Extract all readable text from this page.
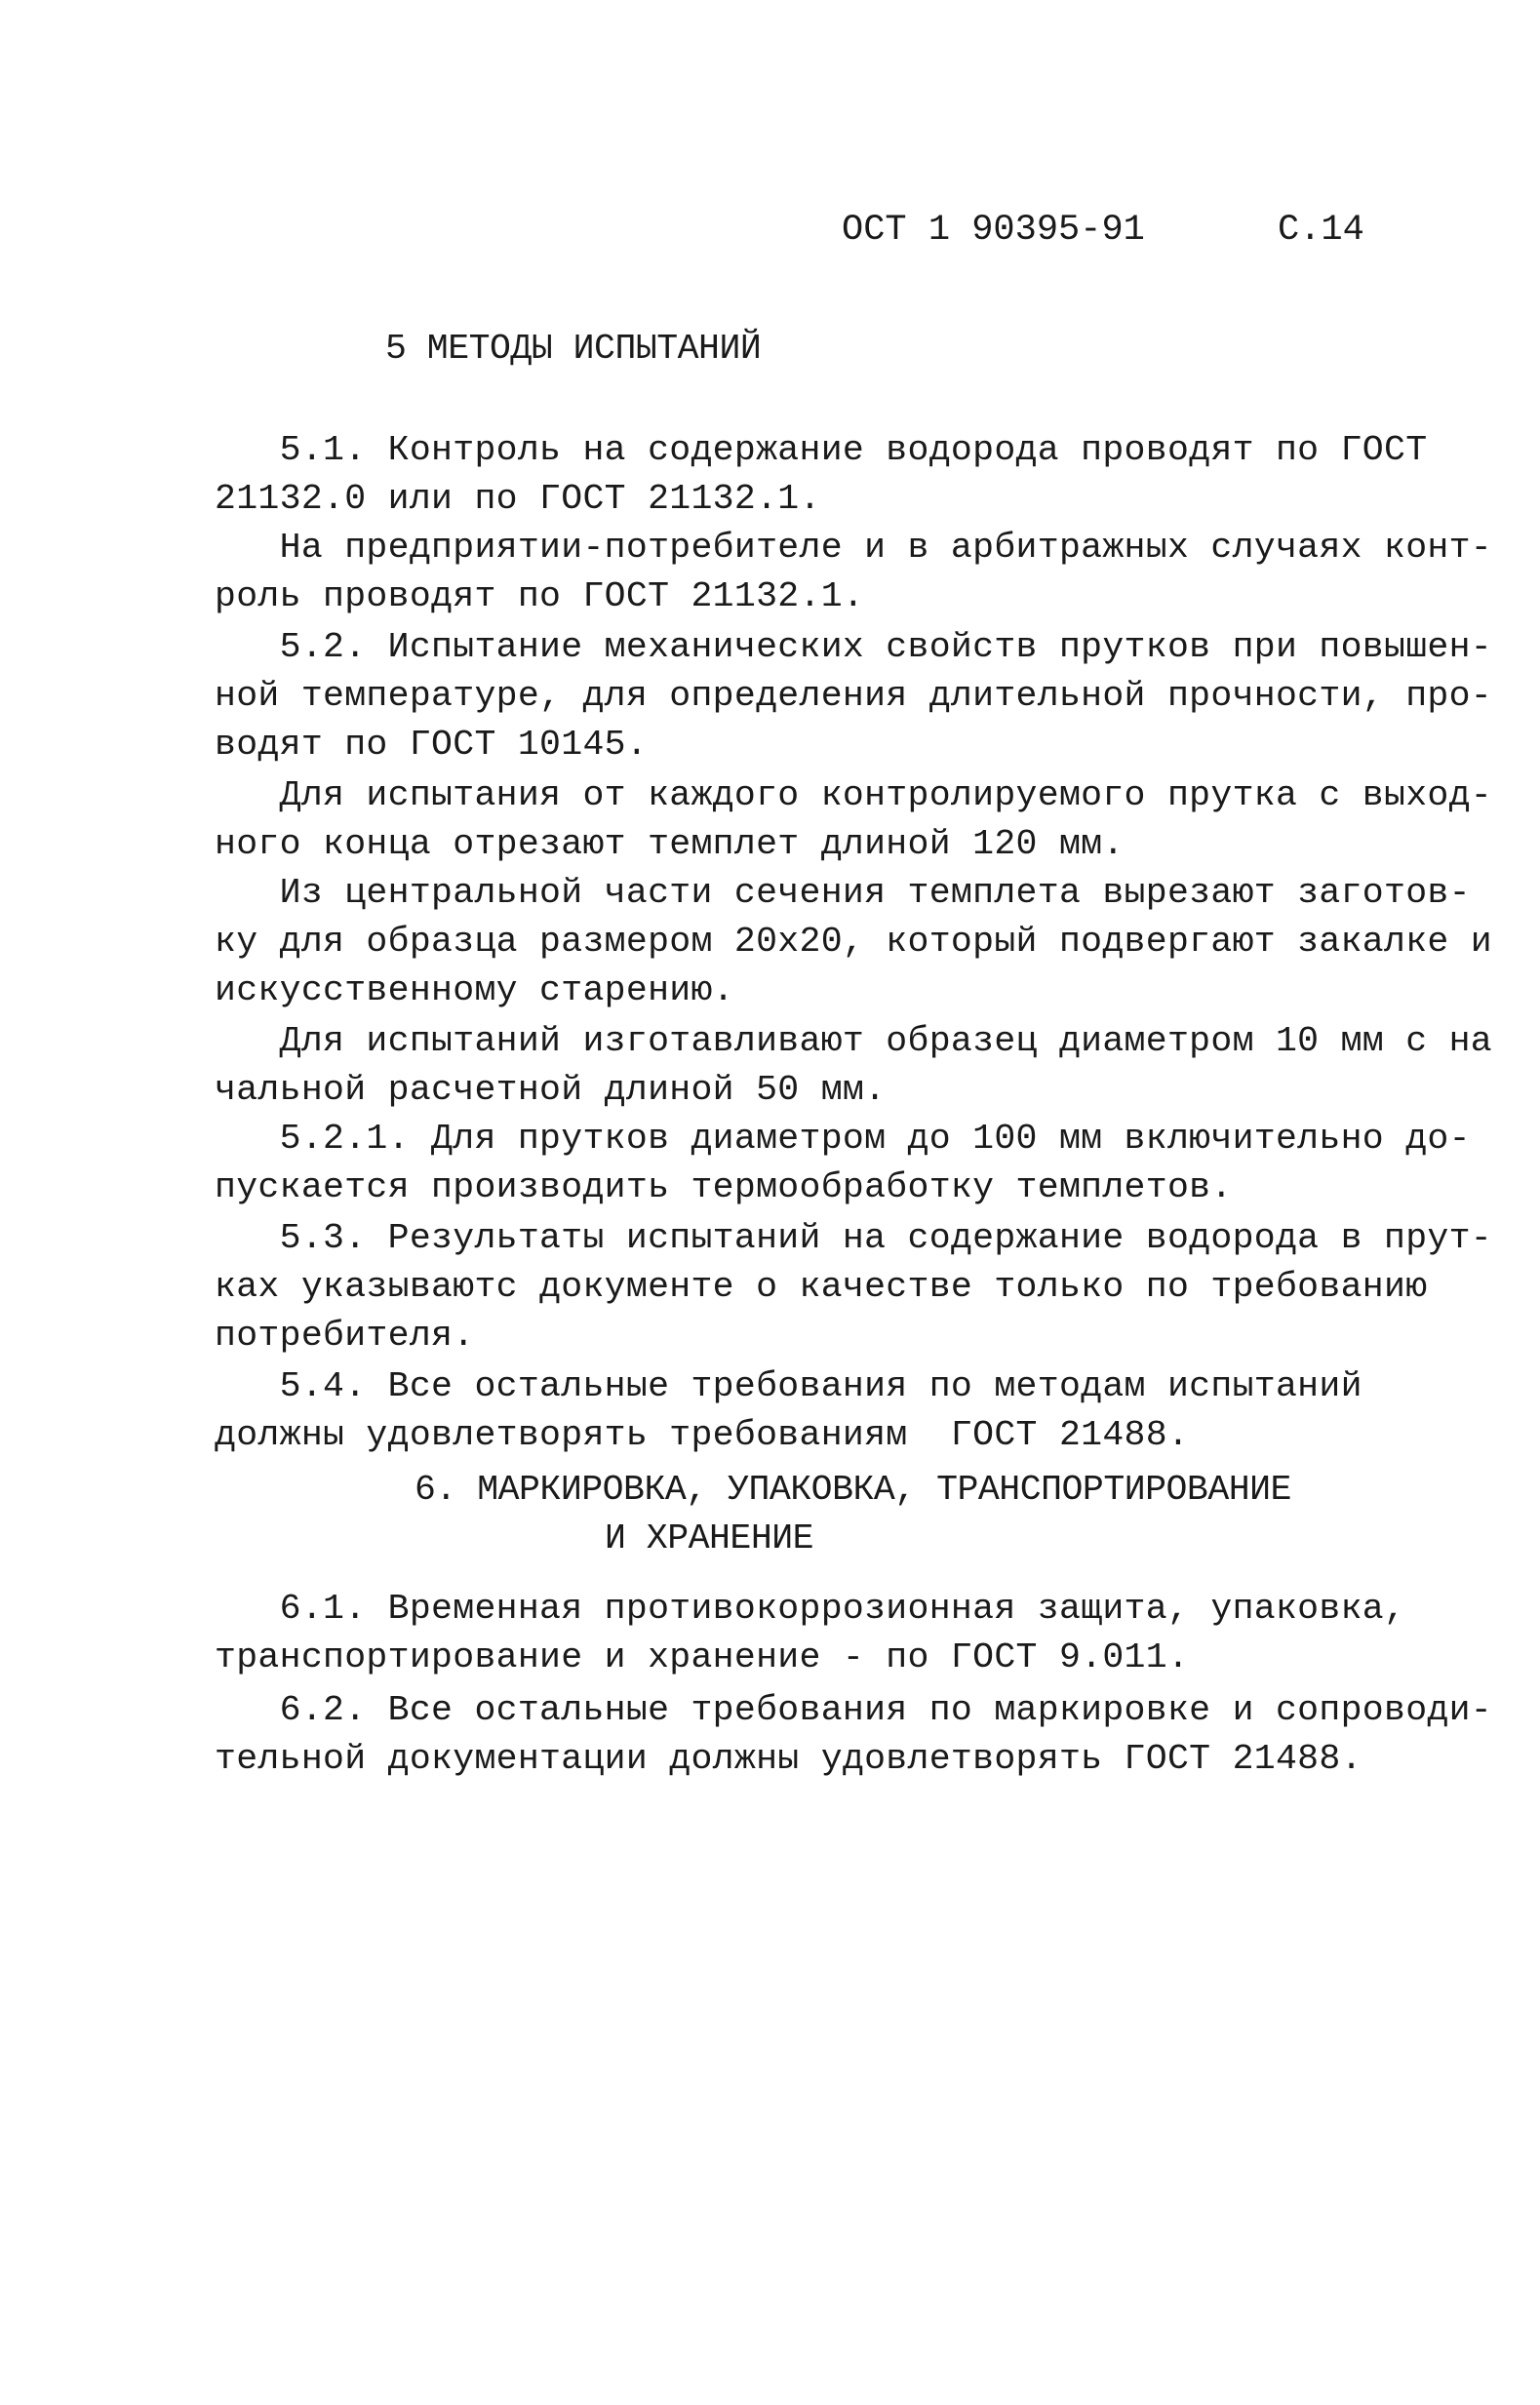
ОСТ 1 90395-91	С.14
5 МЕТОДЫ ИСПЫТАНИЙ
5.1. Контроль на содержание водорода проводят по ГОСТ
21132.0 или по ГОСТ 21132.1.
На предприятии-потребителе и в арбитражных случаях конт-
роль проводят по ГОСТ 21132.1.
5.2. Испытание механических свойств прутков при повышен-
ной температуре, для определения длительной прочности, про-
водят по ГОСТ 10145.
Для испытания от каждого контролируемого прутка с выход-
ного конца отрезают темплет длиной 120 мм.
Из центральной части сечения темплета вырезают заготов-
ку для образца размером 20х20, который подвергают закалке и
искусственному старению.
Для испытаний изготавливают образец диаметром 10 мм с на
чальной расчетной длиной 50 мм.
5.2.1. Для прутков диаметром до 100 мм включительно до-
пускается производить термообработку темплетов.
5.3. Результаты испытаний на содержание водорода в прут-
ках указываютс документе о качестве только по требованию
потребителя.
5.4. Все остальные требования по методам испытаний
должны удовлетворять требованиям  ГОСТ 21488.
6. МАРКИРОВКА, УПАКОВКА, ТРАНСПОРТИРОВАНИЕ
И ХРАНЕНИЕ
6.1. Временная противокоррозионная защита, упаковка,
транспортирование и хранение - по ГОСТ 9.011.
6.2. Все остальные требования по маркировке и сопроводи-
тельной документации должны удовлетворять ГОСТ 21488.
